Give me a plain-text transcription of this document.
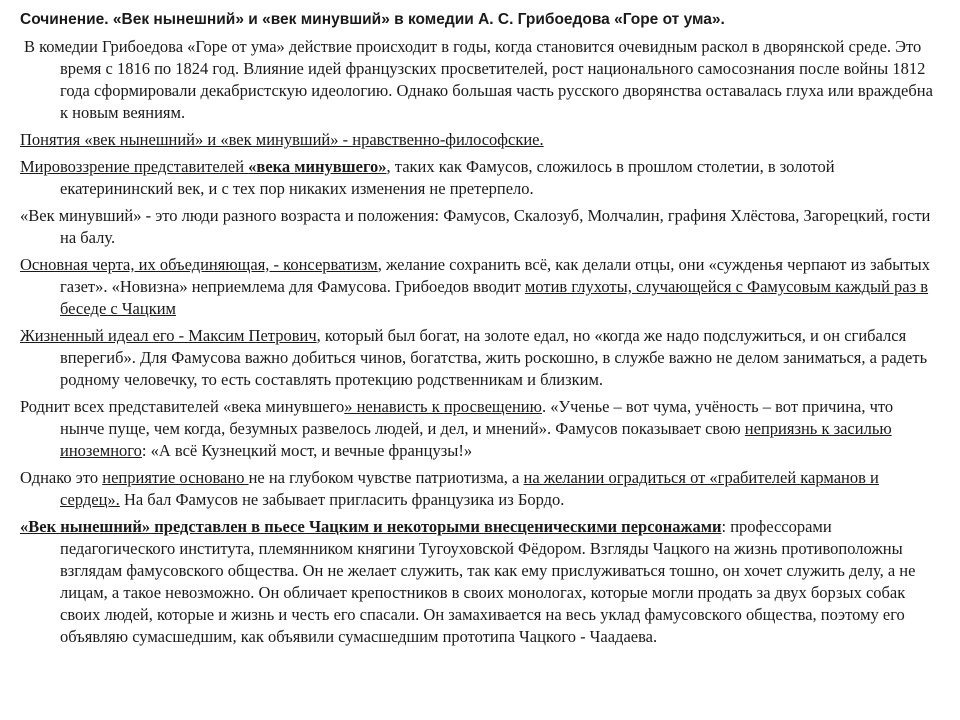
Сочинение. «Век нынешний» и «век минувший» в комедии А. С. Грибоедова «Горе от ума».
В комедии Грибоедова «Горе от ума» действие происходит в годы, когда становится очевидным раскол в дворянской среде. Это время с 1816 по 1824 год. Влияние идей французских просветителей, рост национального самосознания после войны 1812 года сформировали декабристскую идеологию. Однако большая часть русского дворянства оставалась глуха или враждебна к новым веяниям.
Понятия «век нынешний» и «век минувший» - нравственно-философские.
Мировоззрение представителей «века минувшего», таких как Фамусов, сложилось в прошлом столетии, в золотой екатерининский век, и с тех пор никаких изменения не претерпело.
«Век минувший» - это люди разного возраста и положения: Фамусов, Скалозуб, Молчалин, графиня Хлёстова, Загорецкий, гости на балу.
Основная черта, их объединяющая, - консерватизм, желание сохранить всё, как делали отцы, они «сужденья черпают из забытых газет». «Новизна» неприемлема для Фамусова. Грибоедов вводит мотив глухоты, случающейся с Фамусовым каждый раз в беседе с Чацким
Жизненный идеал его - Максим Петрович, который был богат, на золоте едал, но «когда же надо подслужиться, и он сгибался вперегиб». Для Фамусова важно добиться чинов, богатства, жить роскошно, в службе важно не делом заниматься, а радеть родному человечку, то есть составлять протекцию родственникам и близким.
Роднит всех представителей «века минувшего» ненависть к просвещению. «Ученье – вот чума, учёность – вот причина, что нынче пуще, чем когда, безумных развелось людей, и дел, и мнений». Фамусов показывает свою неприязнь к засилью иноземного: «А всё Кузнецкий мост, и вечные французы!»
Однако это неприятие основано не на глубоком чувстве патриотизма, а на желании оградиться от «грабителей карманов и сердец». На бал Фамусов не забывает пригласить французика из Бордо.
«Век нынешний» представлен в пьесе Чацким и некоторыми внесценическими персонажами: профессорами педагогического института, племянником княгини Тугоуховской Фёдором. Взгляды Чацкого на жизнь противоположны взглядам фамусовского общества. Он не желает служить, так как ему прислуживаться тошно, он хочет служить делу, а не лицам, а такое невозможно. Он обличает крепостников в своих монологах, которые могли продать за двух борзых собак своих людей, которые и жизнь и честь его спасали. Он замахивается на весь уклад фамусовского общества, поэтому его объявляю сумасшедшим, как объявили сумасшедшим прототипа Чацкого - Чаадаева.
